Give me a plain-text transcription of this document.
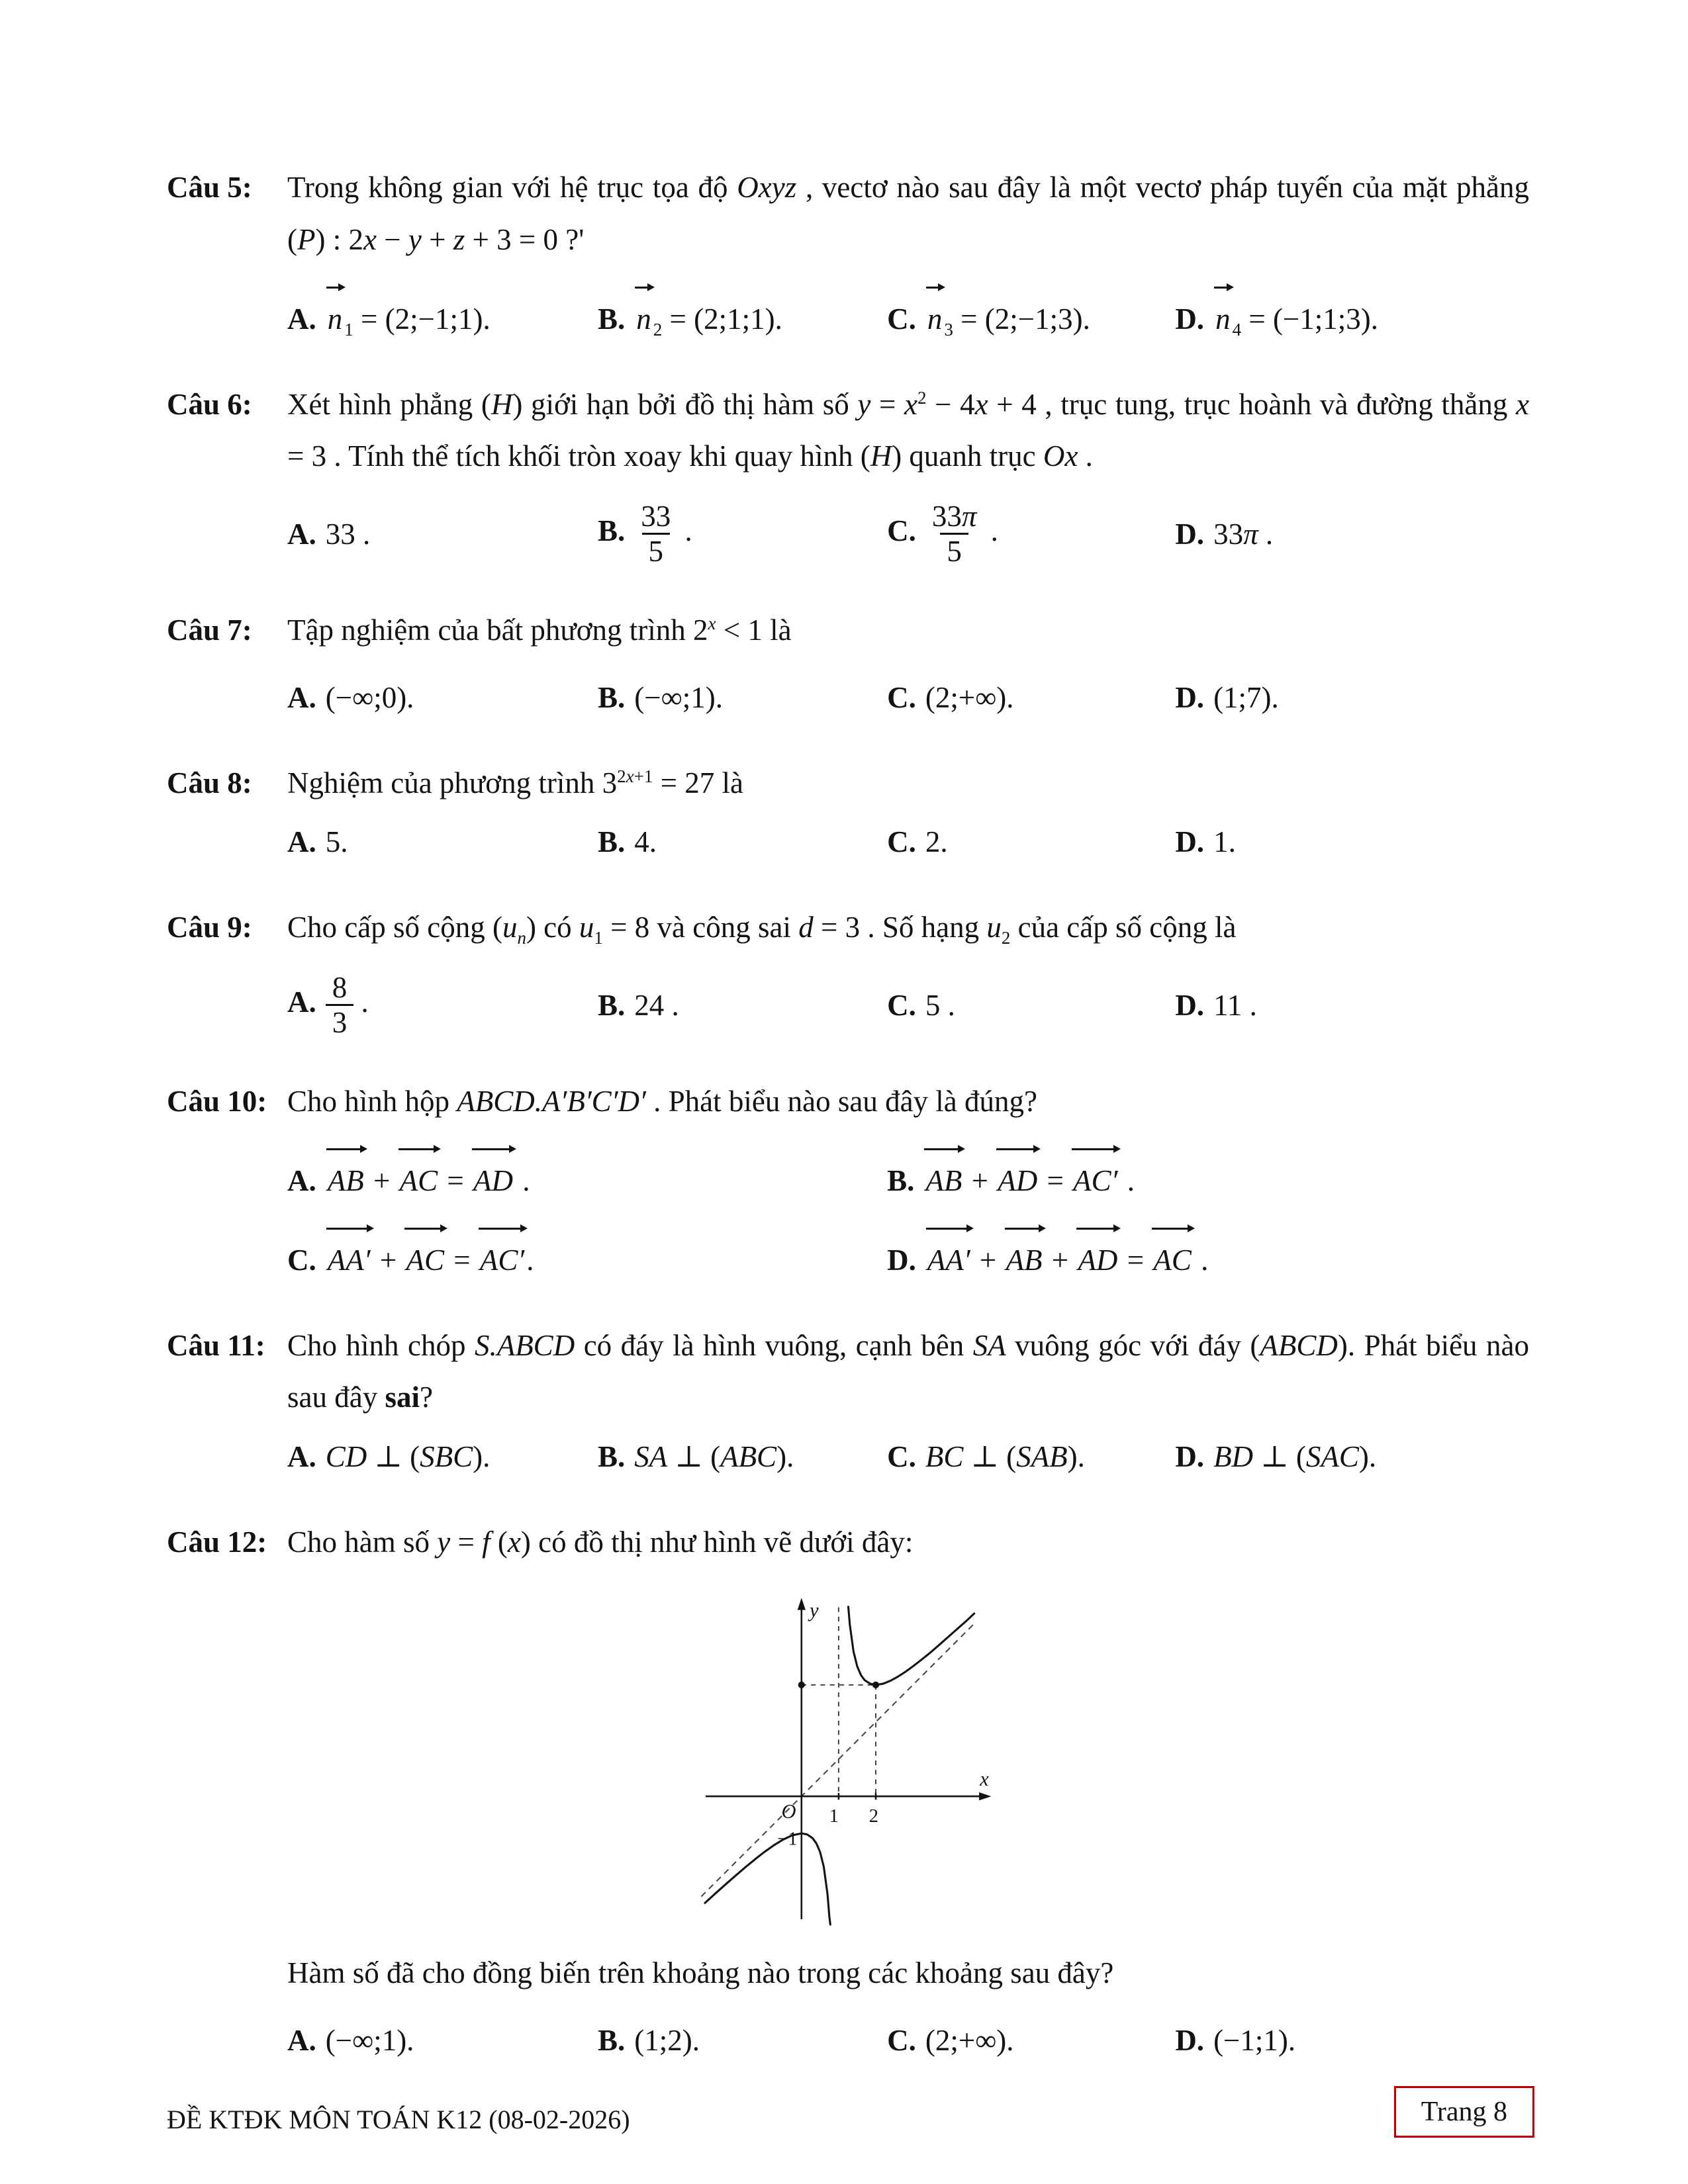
Câu 5:	Trong không gian với hệ trục tọa độ Oxyz , vectơ nào sau đây là một vectơ pháp tuyến của mặt phẳng (P) : 2x − y + z + 3 = 0 ?'

A. n $_1$ = (2;−1;1).	B. n $_2$ = (2;1;1).	C. n $_3$ = (2;−1;3).	D. n $_4$ = (−1;1;3).
Câu 6:	Xét hình phẳng (H) giới hạn bởi đồ thị hàm số $y = x^2 - 4x + 4$ , trục tung, trục hoành và đường thẳng x = 3 . Tính thể tích khối tròn xoay khi quay hình (H) quanh trục Ox .

A. 33 .	B. $\frac{33}{5}$ .	C. $\frac{33\pi}{5}$ .	D. 33π .
Câu 7:	Tập nghiệm của bất phương trình $2^x < 1$ là

A. (−∞;0).	B. (−∞;1).	C. (2;+∞).	D. (1;7).
Câu 8:	Nghiệm của phương trình $3^{2x+1} = 27$ là

A. 5.	B. 4.	C. 2.	D. 1.
Câu 9:	Cho cấp số cộng $(u_n)$ có $u_1 = 8$ và công sai d = 3 . Số hạng $u_2$ của cấp số cộng là

A. $\frac{8}{3}$ .	B. 24 .	C. 5 .	D. 11 .
Câu 10: Cho hình hộp ABCD.A′B′C′D′ . Phát biểu nào sau đây là đúng?

A. AB + AC = AD .	B. AB + AD = AC′ .
C. AA′ + AC = AC′.	D. AA′ + AB + AD = AC .
Câu 11: Cho hình chóp S.ABCD có đáy là hình vuông, cạnh bên SA vuông góc với đáy (ABCD). Phát biểu nào sau đây sai?

A. CD ⊥ (SBC).	B. SA ⊥ (ABC).	C. BC ⊥ (SAB).	D. BD ⊥ (SAC).
Câu 12: Cho hàm số y = f (x) có đồ thị như hình vẽ dưới đây:

y
x
O 1 2
−1

Hàm số đã cho đồng biến trên khoảng nào trong các khoảng sau đây?

A. (−∞;1).	B. (1;2).	C. (2;+∞).	D. (−1;1).
ĐỀ KTĐK MÔN TOÁN K12 (08-02-2026)	Trang 8
